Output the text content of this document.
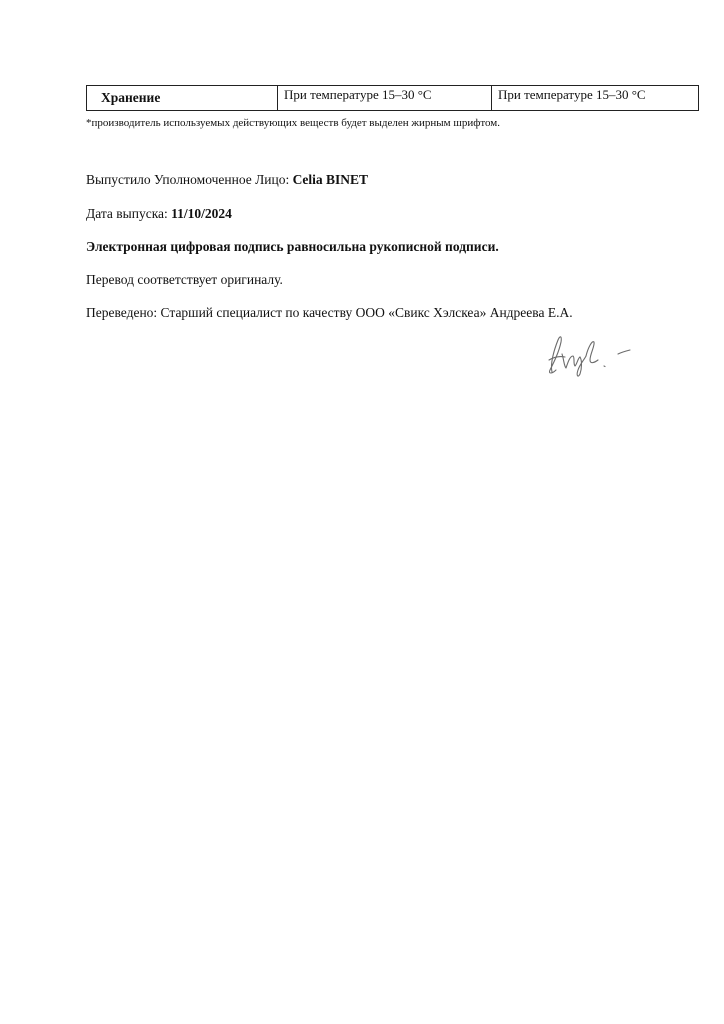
Хранение	При температуре 15–30 °C	При температуре 15–30 °C
*производитель используемых действующих веществ будет выделен жирным шрифтом.
Выпустило Уполномоченное Лицо: Celia BINET
Дата выпуска: 11/10/2024
Электронная цифровая подпись равносильна рукописной подписи.
Перевод соответствует оригиналу.
Переведено: Старший специалист по качеству ООО «Свикс Хэлскеа» Андреева Е.А.
